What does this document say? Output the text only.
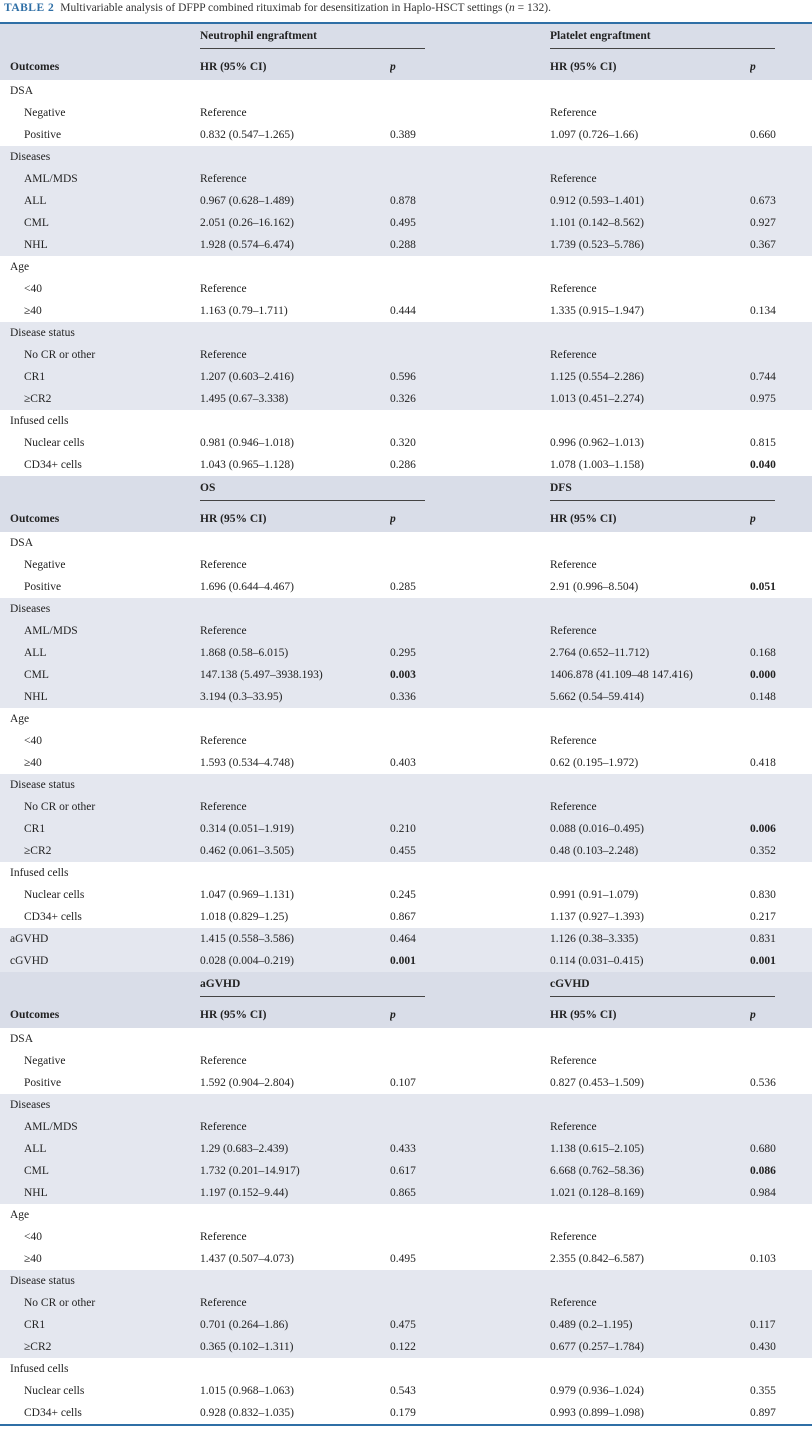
TABLE 2 Multivariable analysis of DFPP combined rituximab for desensitization in Haplo-HSCT settings (n = 132).
	Neutrophil engraftment		Platelet engraftment	
Outcomes	HR (95% CI)	p	HR (95% CI)	p
DSA				
Negative	Reference		Reference	
Positive	0.832 (0.547–1.265)	0.389	1.097 (0.726–1.66)	0.660
Diseases				
AML/MDS	Reference		Reference	
ALL	0.967 (0.628–1.489)	0.878	0.912 (0.593–1.401)	0.673
CML	2.051 (0.26–16.162)	0.495	1.101 (0.142–8.562)	0.927
NHL	1.928 (0.574–6.474)	0.288	1.739 (0.523–5.786)	0.367
Age				
<40	Reference		Reference	
≥40	1.163 (0.79–1.711)	0.444	1.335 (0.915–1.947)	0.134
Disease status				
No CR or other	Reference		Reference	
CR1	1.207 (0.603–2.416)	0.596	1.125 (0.554–2.286)	0.744
≥CR2	1.495 (0.67–3.338)	0.326	1.013 (0.451–2.274)	0.975
Infused cells				
Nuclear cells	0.981 (0.946–1.018)	0.320	0.996 (0.962–1.013)	0.815
CD34+ cells	1.043 (0.965–1.128)	0.286	1.078 (1.003–1.158)	0.040
	OS		DFS	
Outcomes	HR (95% CI)	p	HR (95% CI)	p
DSA				
Negative	Reference		Reference	
Positive	1.696 (0.644–4.467)	0.285	2.91 (0.996–8.504)	0.051
Diseases				
AML/MDS	Reference		Reference	
ALL	1.868 (0.58–6.015)	0.295	2.764 (0.652–11.712)	0.168
CML	147.138 (5.497–3938.193)	0.003	1406.878 (41.109–48 147.416)	0.000
NHL	3.194 (0.3–33.95)	0.336	5.662 (0.54–59.414)	0.148
Age				
<40	Reference		Reference	
≥40	1.593 (0.534–4.748)	0.403	0.62 (0.195–1.972)	0.418
Disease status				
No CR or other	Reference		Reference	
CR1	0.314 (0.051–1.919)	0.210	0.088 (0.016–0.495)	0.006
≥CR2	0.462 (0.061–3.505)	0.455	0.48 (0.103–2.248)	0.352
Infused cells				
Nuclear cells	1.047 (0.969–1.131)	0.245	0.991 (0.91–1.079)	0.830
CD34+ cells	1.018 (0.829–1.25)	0.867	1.137 (0.927–1.393)	0.217
aGVHD	1.415 (0.558–3.586)	0.464	1.126 (0.38–3.335)	0.831
cGVHD	0.028 (0.004–0.219)	0.001	0.114 (0.031–0.415)	0.001
	aGVHD		cGVHD	
Outcomes	HR (95% CI)	p	HR (95% CI)	p
DSA				
Negative	Reference		Reference	
Positive	1.592 (0.904–2.804)	0.107	0.827 (0.453–1.509)	0.536
Diseases				
AML/MDS	Reference		Reference	
ALL	1.29 (0.683–2.439)	0.433	1.138 (0.615–2.105)	0.680
CML	1.732 (0.201–14.917)	0.617	6.668 (0.762–58.36)	0.086
NHL	1.197 (0.152–9.44)	0.865	1.021 (0.128–8.169)	0.984
Age				
<40	Reference		Reference	
≥40	1.437 (0.507–4.073)	0.495	2.355 (0.842–6.587)	0.103
Disease status				
No CR or other	Reference		Reference	
CR1	0.701 (0.264–1.86)	0.475	0.489 (0.2–1.195)	0.117
≥CR2	0.365 (0.102–1.311)	0.122	0.677 (0.257–1.784)	0.430
Infused cells				
Nuclear cells	1.015 (0.968–1.063)	0.543	0.979 (0.936–1.024)	0.355
CD34+ cells	0.928 (0.832–1.035)	0.179	0.993 (0.899–1.098)	0.897
